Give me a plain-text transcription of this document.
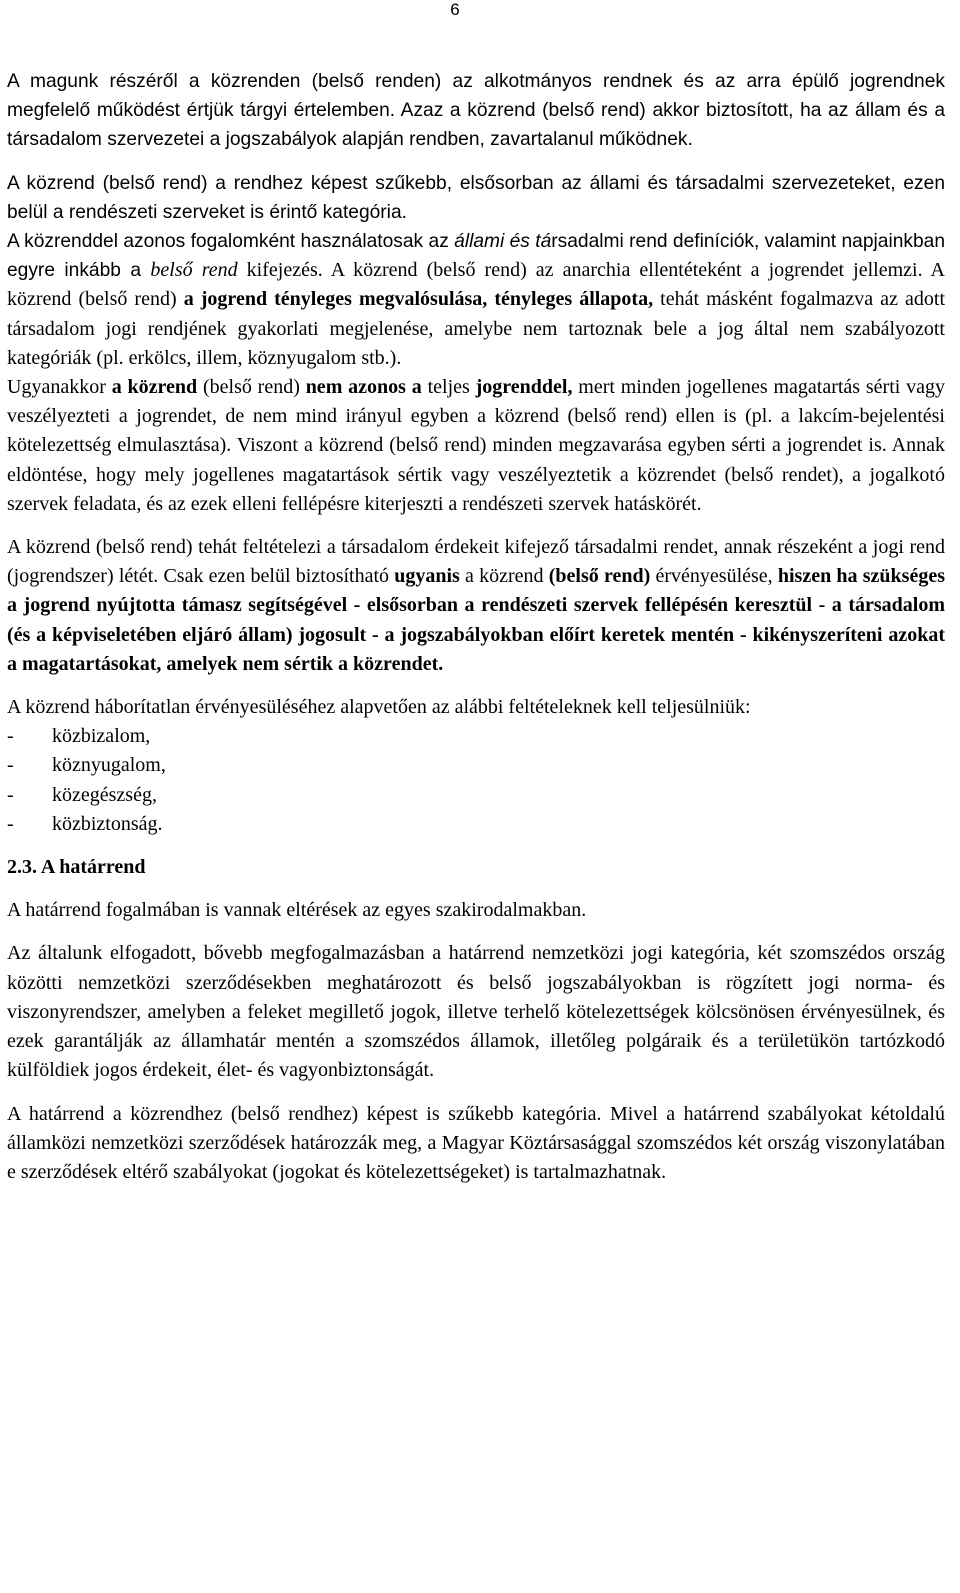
6

A magunk részéről a közrenden (belső renden) az alkotmányos rendnek és az arra épülő jogrendnek megfelelő működést értjük tárgyi értelemben. Azaz a közrend (belső rend) akkor biztosított, ha az állam és a társadalom szervezetei a jogszabályok alapján rendben, zavartalanul működnek.

A közrend (belső rend) a rendhez képest szűkebb, elsősorban az állami és társadalmi szervezeteket, ezen belül a rendészeti szerveket is érintő kategória.

A közrenddel azonos fogalomként használatosak az állami és társadalmi rend definíciók, valamint napjainkban egyre inkább a belső rend kifejezés. A közrend (belső rend) az anarchia ellentéteként a jogrendet jellemzi. A közrend (belső rend) a jogrend tényleges megvalósulása, tényleges állapota, tehát másként fogalmazva az adott társadalom jogi rendjének gyakorlati megjelenése, amelybe nem tartoznak bele a jog által nem szabályozott kategóriák (pl. erkölcs, illem, köznyugalom stb.).

Ugyanakkor a közrend (belső rend) nem azonos a teljes jogrenddel, mert minden jogellenes magatartás sérti vagy veszélyezteti a jogrendet, de nem mind irányul egyben a közrend (belső rend) ellen is (pl. a lakcím-bejelentési kötelezettség elmulasztása). Viszont a közrend (belső rend) minden megzavarása egyben sérti a jogrendet is. Annak eldöntése, hogy mely jogellenes magatartások sértik vagy veszélyeztetik a közrendet (belső rendet), a jogalkotó szervek feladata, és az ezek elleni fellépésre kiterjeszti a rendészeti szervek hatáskörét.

A közrend (belső rend) tehát feltételezi a társadalom érdekeit kifejező társadalmi rendet, annak részeként a jogi rend (jogrendszer) létét. Csak ezen belül biztosítható ugyanis a közrend (belső rend) érvényesülése, hiszen ha szükséges a jogrend nyújtotta támasz segítségével - elsősorban a rendészeti szervek fellépésén keresztül - a társadalom (és a képviseletében eljáró állam) jogosult - a jogszabályokban előírt keretek mentén - kikényszeríteni azokat a magatartásokat, amelyek nem sértik a közrendet.

A közrend háborítatlan érvényesüléséhez alapvetően az alábbi feltételeknek kell teljesülniük:

-	közbizalom,
-	köznyugalom,
-	közegészség,
-	közbiztonság.

2.3. A határrend

A határrend fogalmában is vannak eltérések az egyes szakirodalmakban.

Az általunk elfogadott, bővebb megfogalmazásban a határrend nemzetközi jogi kategória, két szomszédos ország közötti nemzetközi szerződésekben meghatározott és belső jogszabályokban is rögzített jogi norma- és viszonyrendszer, amelyben a feleket megillető jogok, illetve terhelő kötelezettségek kölcsönösen érvényesülnek, és ezek garantálják az államhatár mentén a szomszédos államok, illetőleg polgáraik és a területükön tartózkodó külföldiek jogos érdekeit, élet- és vagyonbiztonságát.

A határrend a közrendhez (belső rendhez) képest is szűkebb kategória. Mivel a határrend szabályokat kétoldalú államközi nemzetközi szerződések határozzák meg, a Magyar Köztársasággal szomszédos két ország viszonylatában e szerződések eltérő szabályokat (jogokat és kötelezettségeket) is tartalmazhatnak.
